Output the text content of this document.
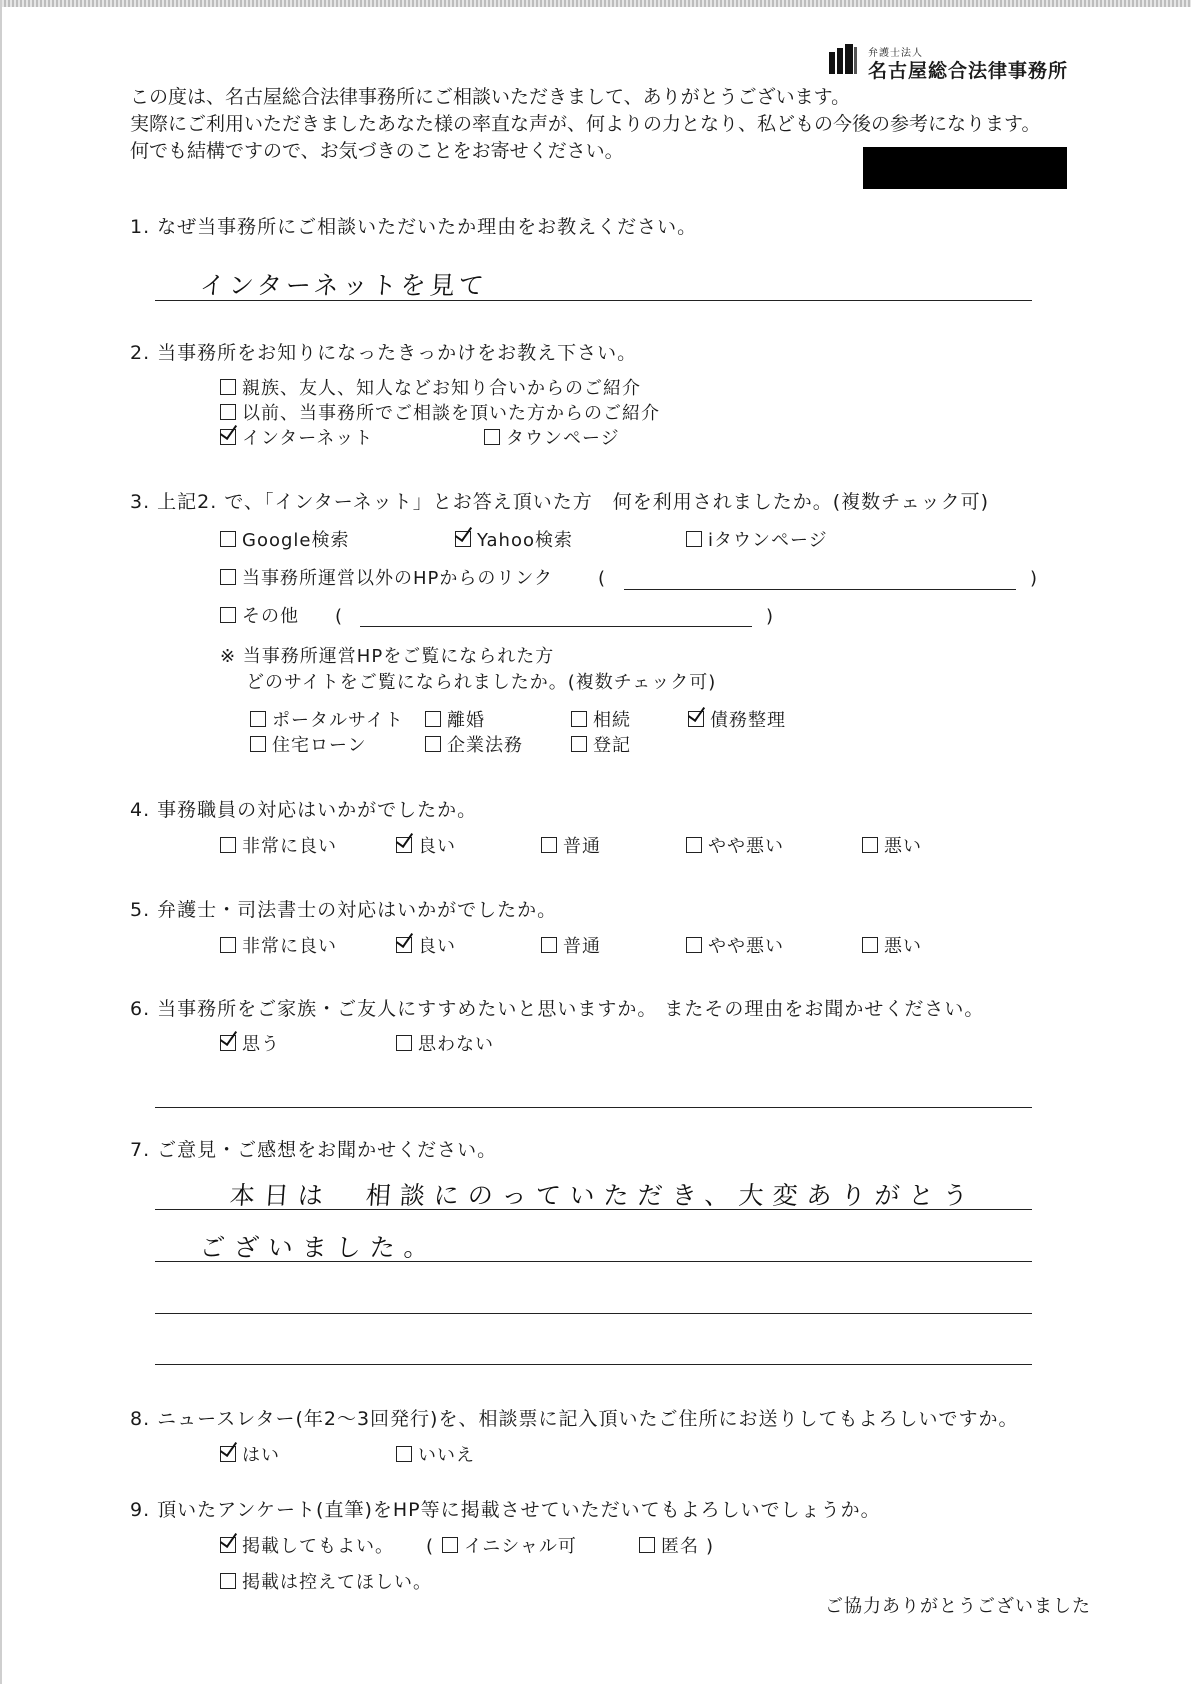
弁護士法人
名古屋総合法律事務所
この度は、名古屋総合法律事務所にご相談いただきまして、ありがとうございます。
実際にご利用いただきましたあなた様の率直な声が、何よりの力となり、私どもの今後の参考になります。
何でも結構ですので、お気づきのことをお寄せください。
1. なぜ当事務所にご相談いただいたか理由をお教えください。
インターネットを見て
2. 当事務所をお知りになったきっかけをお教え下さい。
親族、友人、知人などお知り合いからのご紹介
以前、当事務所でご相談を頂いた方からのご紹介
インターネット	タウンページ
3. 上記2. で、「インターネット」とお答え頂いた方　何を利用されましたか。(複数チェック可)
Google検索	Yahoo検索	iタウンページ
当事務所運営以外のHPからのリンク (	)
その他 (	)
※ 当事務所運営HPをご覧になられた方
どのサイトをご覧になられましたか。(複数チェック可)
ポータルサイト	離婚	相続	債務整理
住宅ローン	企業法務	登記
4. 事務職員の対応はいかがでしたか。
非常に良い	良い	普通	やや悪い	悪い
5. 弁護士・司法書士の対応はいかがでしたか。
非常に良い	良い	普通	やや悪い	悪い
6. 当事務所をご家族・ご友人にすすめたいと思いますか。 またその理由をお聞かせください。
思う	思わない
7. ご意見・ご感想をお聞かせください。
本日は　相談にのっていただき、大変ありがとう
ございました。
8. ニュースレター(年2〜3回発行)を、相談票に記入頂いたご住所にお送りしてもよろしいですか。
はい	いいえ
9. 頂いたアンケート(直筆)をHP等に掲載させていただいてもよろしいでしょうか。
掲載してもよい。 (	イニシャル可	匿名 )
掲載は控えてほしい。
ご協力ありがとうございました
